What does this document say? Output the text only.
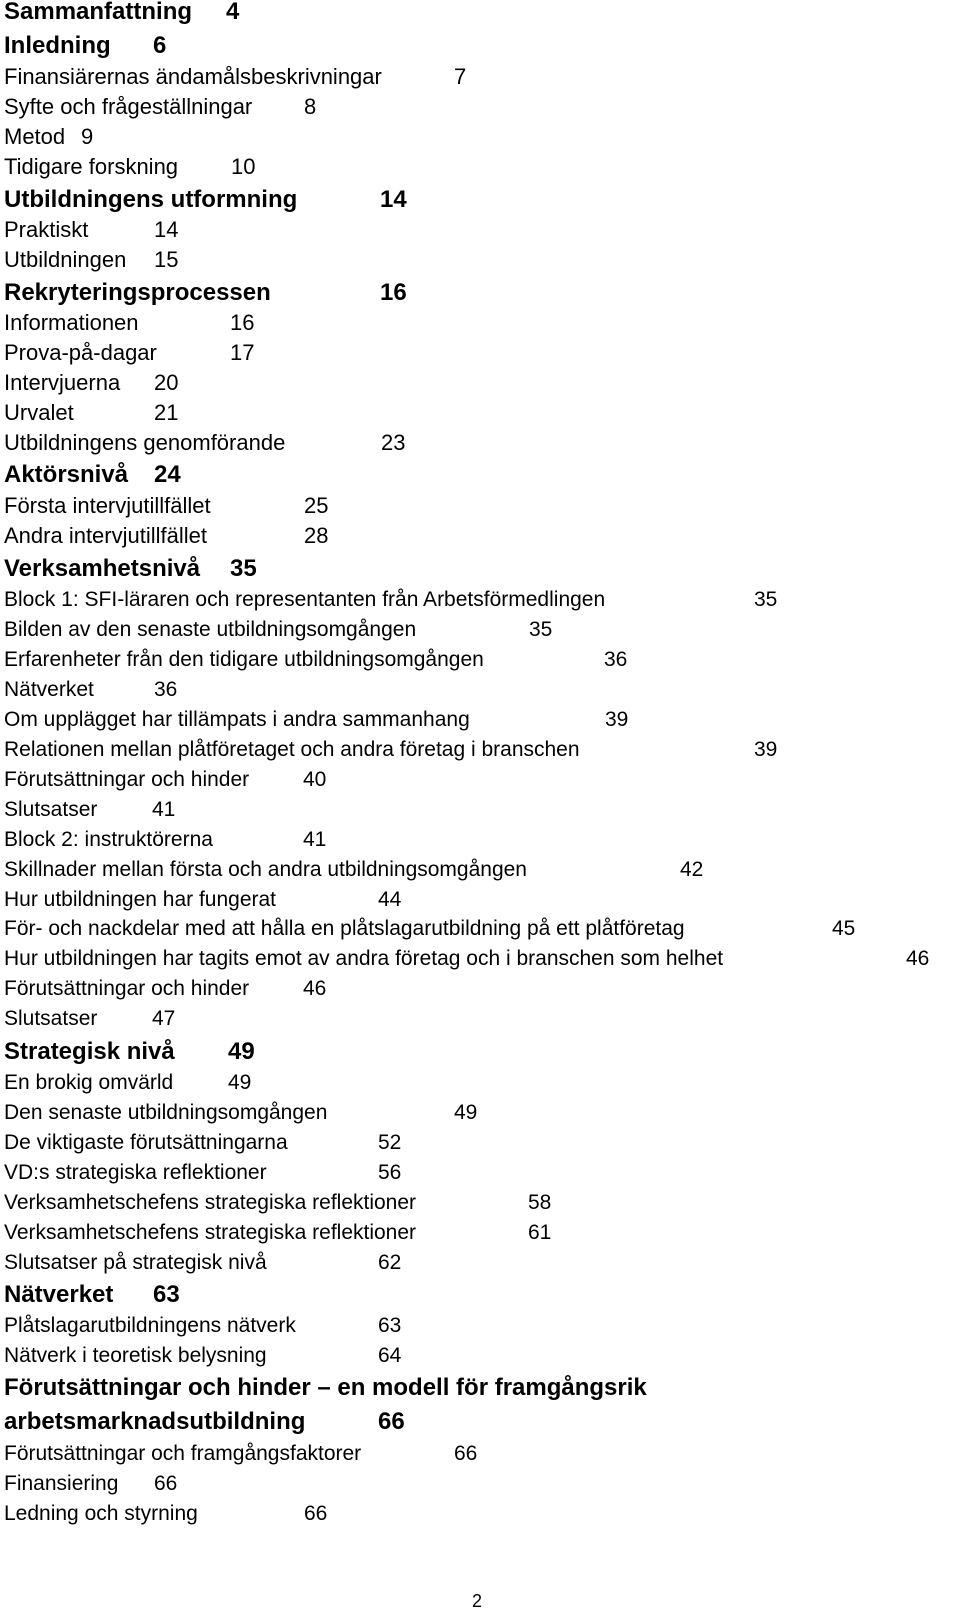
Sammanfattning 4
Inledning 6
Finansiärernas ändamålsbeskrivningar	7
Syfte och frågeställningar 8
Metod 9
Tidigare forskning 10
Utbildningens utformning	14
Praktiskt	14
Utbildningen 15
Rekryteringsprocessen	16
Informationen	16
Prova-på-dagar	17
Intervjuerna 20
Urvalet	21
Utbildningens genomförande	23
Aktörsnivå 24
Första intervjutillfället	25
Andra intervjutillfället	28
Verksamhetsnivå 35
Block 1: SFI-läraren och representanten från Arbetsförmedlingen	35
Bilden av den senaste utbildningsomgången	35
Erfarenheter från den tidigare utbildningsomgången	36
Nätverket	36
Om upplägget har tillämpats i andra sammanhang	39
Relationen mellan plåtföretaget och andra företag i branschen	39
Förutsättningar och hinder	40
Slutsatser	41
Block 2: instruktörerna	41
Skillnader mellan första och andra utbildningsomgången	42
Hur utbildningen har fungerat	44
För- och nackdelar med att hålla en plåtslagarutbildning på ett plåtföretag	45
Hur utbildningen har tagits emot av andra företag och i branschen som helhet	46
Förutsättningar och hinder	46
Slutsatser	47
Strategisk nivå 49
En brokig omvärld	49
Den senaste utbildningsomgången	49
De viktigaste förutsättningarna	52
VD:s strategiska reflektioner	56
Verksamhetschefens strategiska reflektioner	58
Verksamhetschefens strategiska reflektioner	61
Slutsatser på strategisk nivå	62
Nätverket 63
Plåtslagarutbildningens nätverk	63
Nätverk i teoretisk belysning	64
Förutsättningar och hinder – en modell för framgångsrik
arbetsmarknadsutbildning	66
Förutsättningar och framgångsfaktorer	66
Finansiering 66
Ledning och styrning	66
2
